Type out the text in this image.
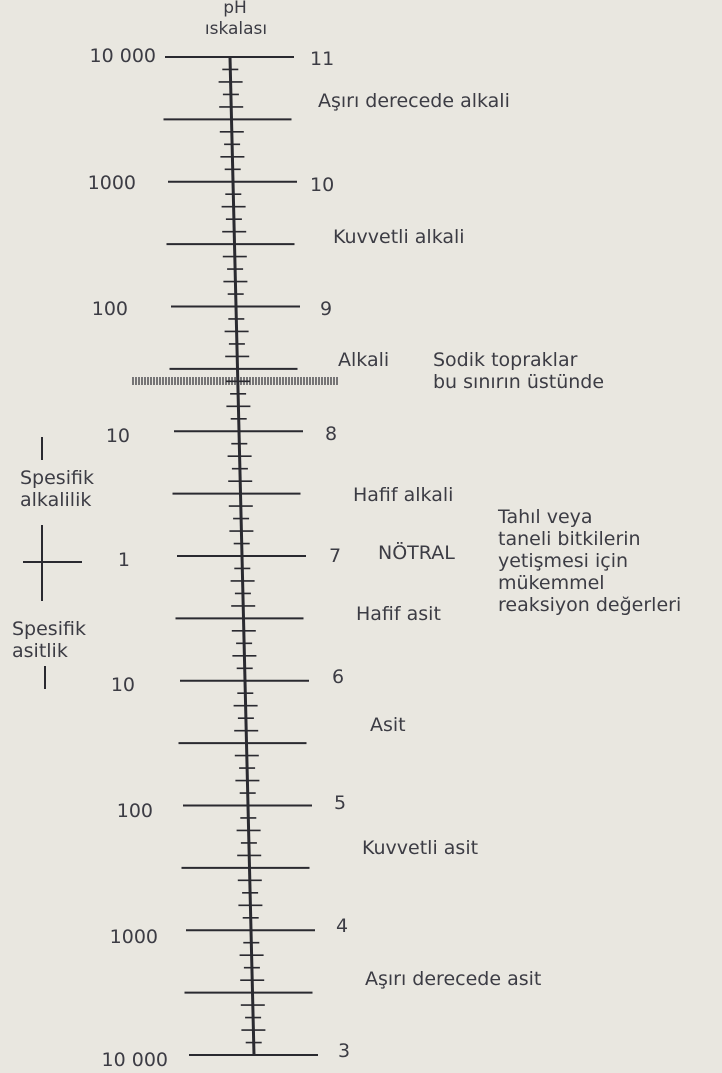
pH
ıskalası
10 000
1000
100
10
1
10
100
1000
10 000
11
10
9
8
7
6
5
4
3
Aşırı derecede alkali
Kuvvetli alkali
Alkali
Hafif alkali
NÖTRAL
Hafif asit
Asit
Kuvvetli asit
Aşırı derecede asit
Sodik topraklar
bu sınırın üstünde
Tahıl veya
taneli bitkilerin
yetişmesi için
mükemmel
reaksiyon değerleri
Spesifik
alkalilik
Spesifik
asitlik
